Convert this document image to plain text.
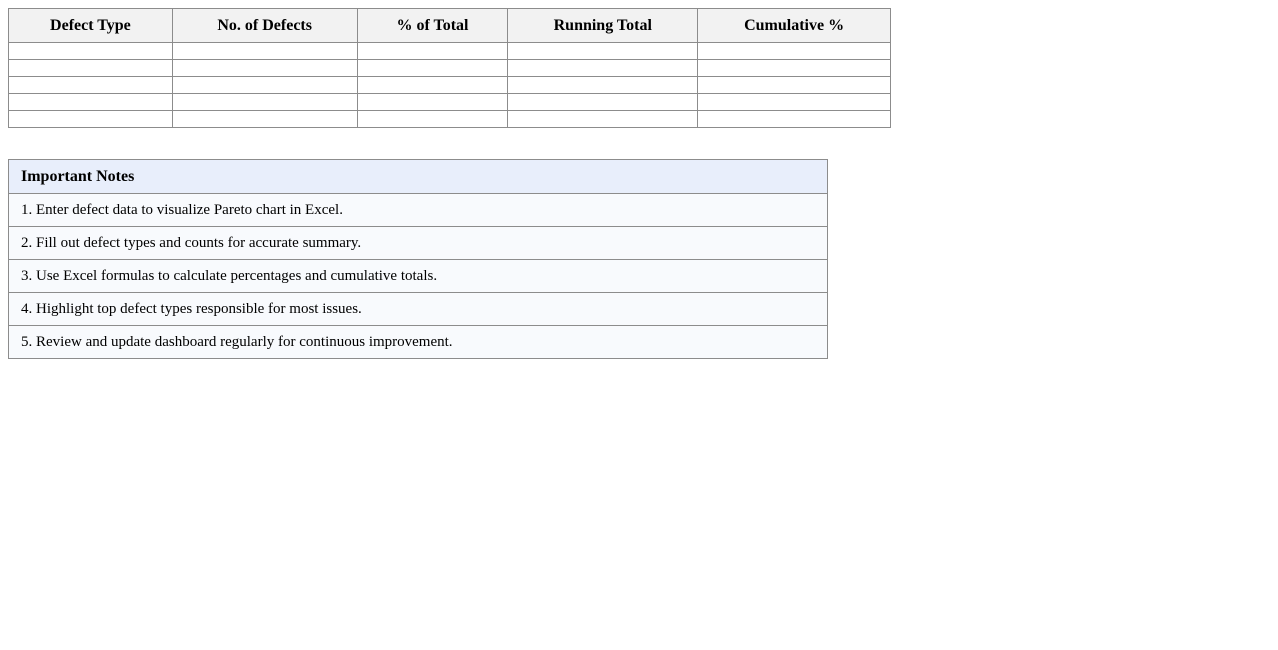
Defect Type	No. of Defects	% of Total	Running Total	Cumulative %

Important Notes
1. Enter defect data to visualize Pareto chart in Excel.
2. Fill out defect types and counts for accurate summary.
3. Use Excel formulas to calculate percentages and cumulative totals.
4. Highlight top defect types responsible for most issues.
5. Review and update dashboard regularly for continuous improvement.
